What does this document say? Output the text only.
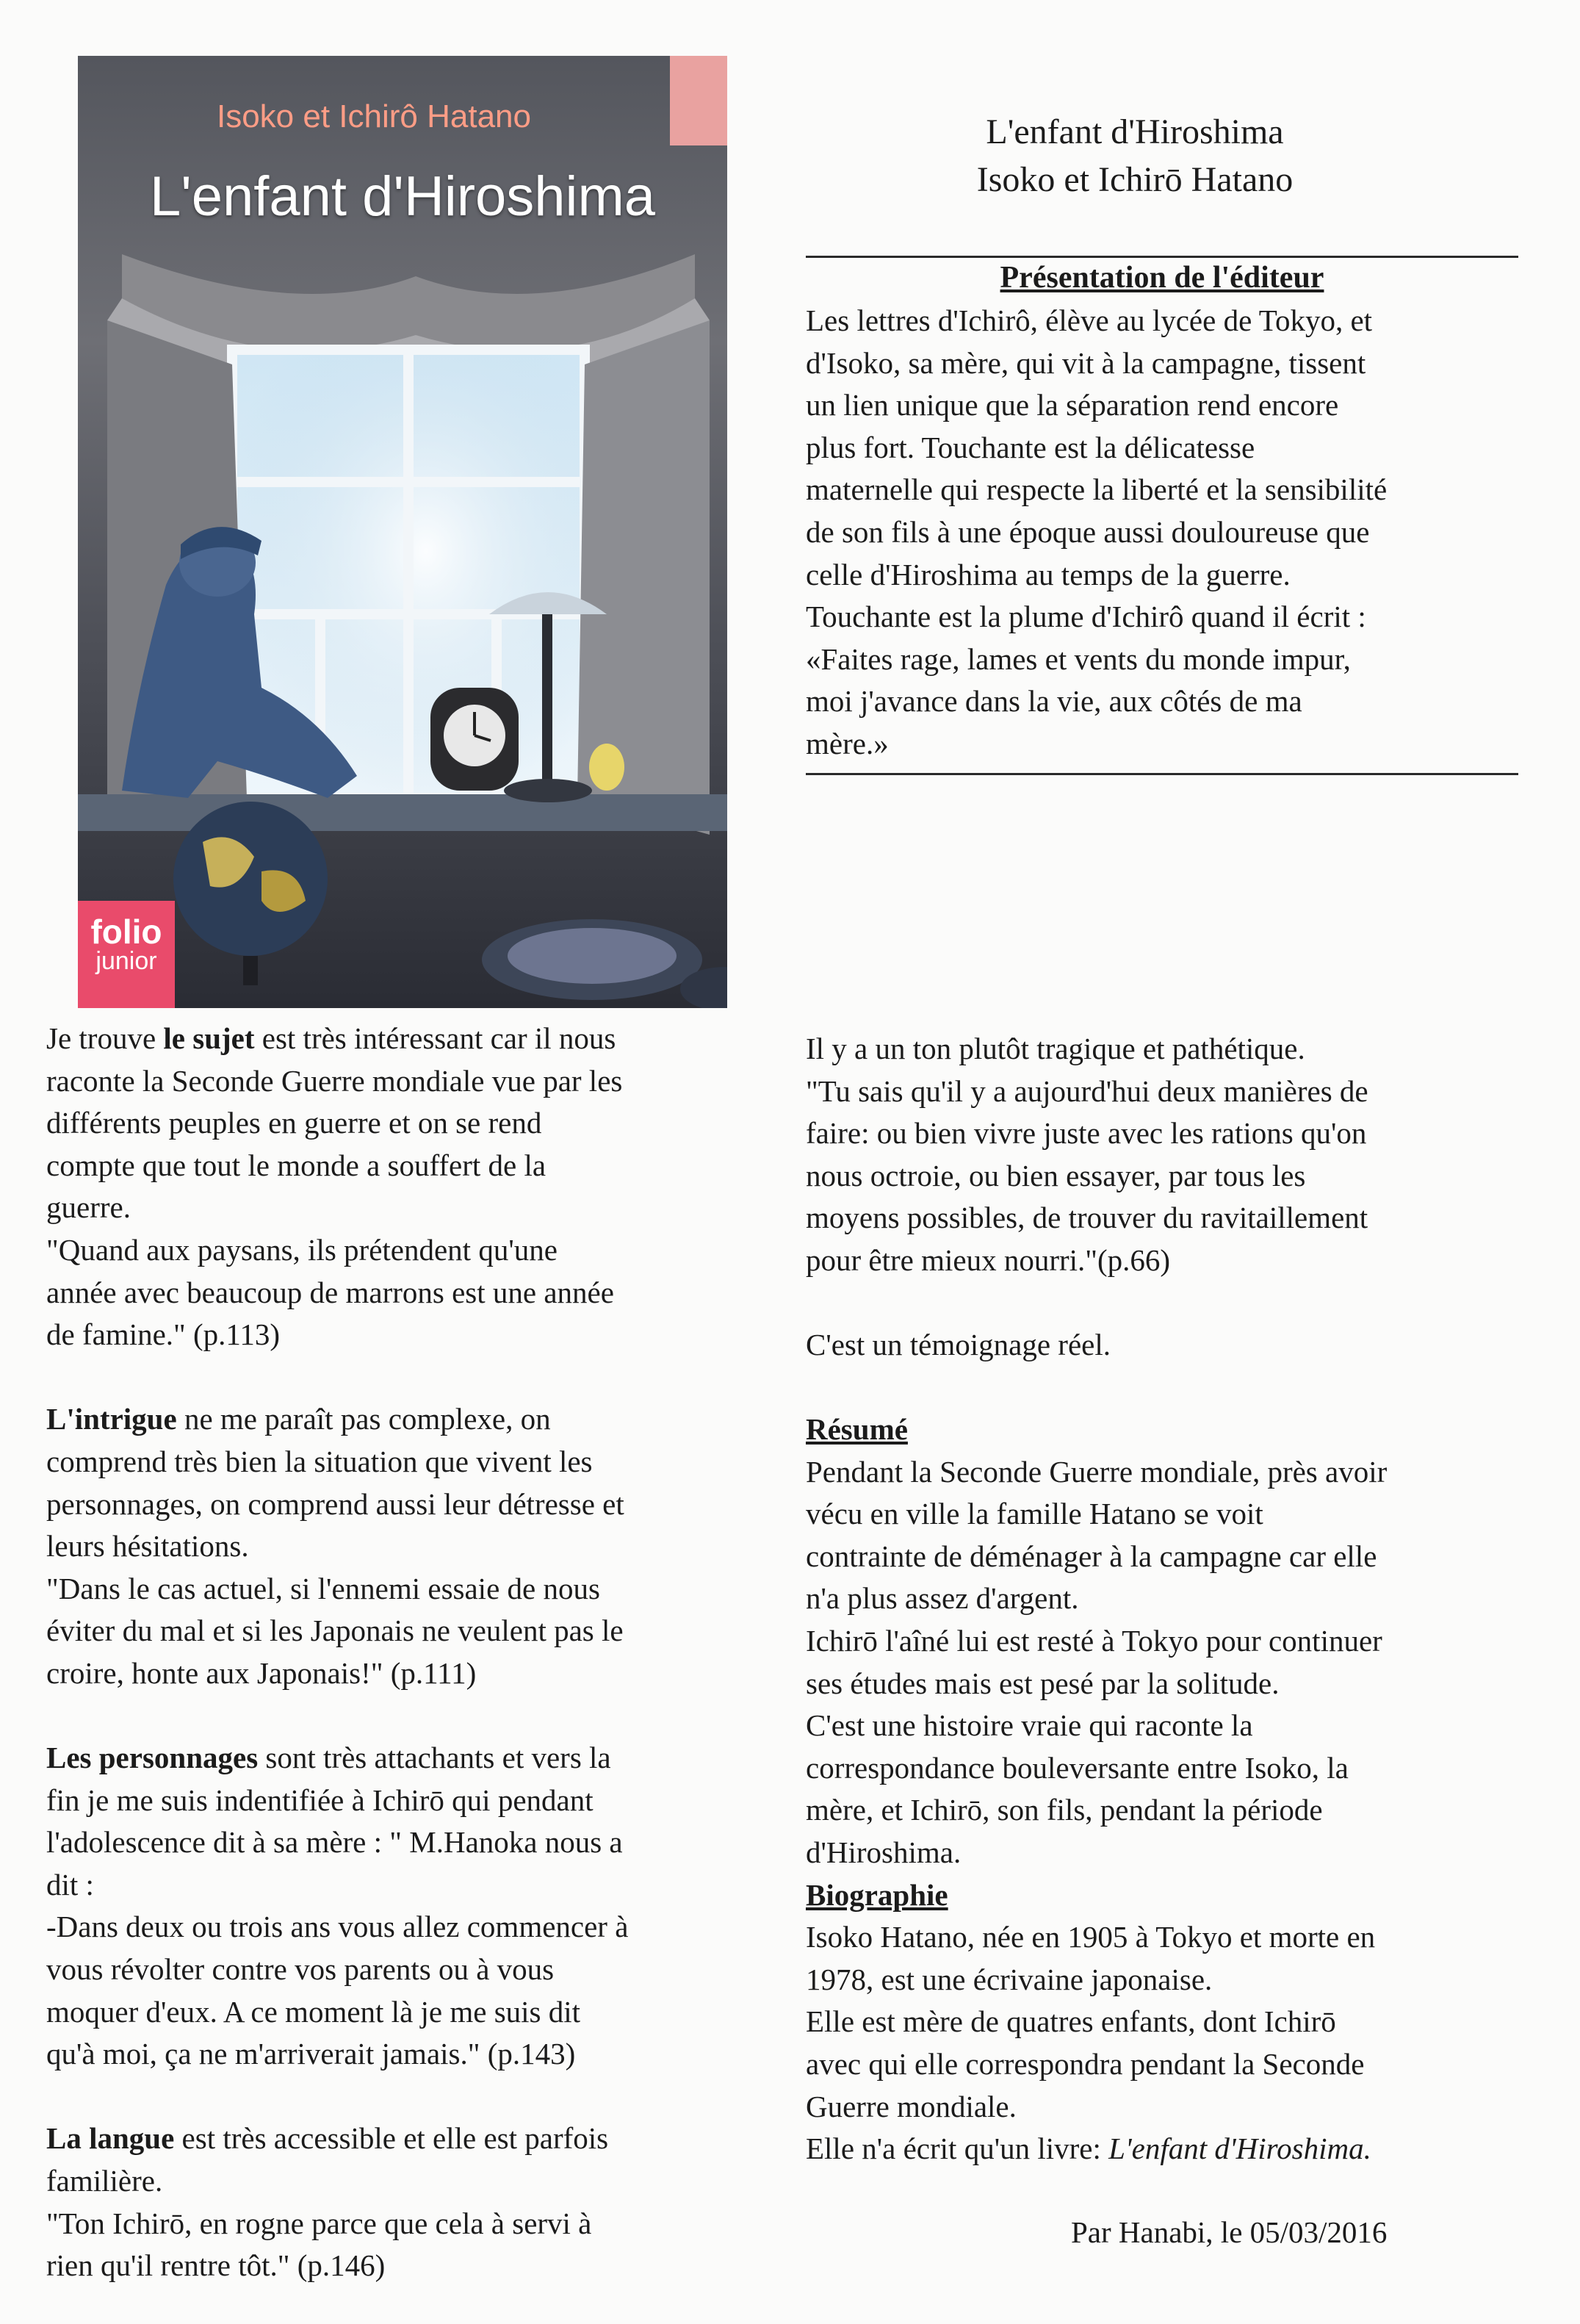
Isoko et Ichirô Hatano
L'enfant d'Hiroshima
folio
junior
L'enfant d'Hiroshima
Isoko et Ichirō Hatano
Présentation de l'éditeur
Les lettres d'Ichirô, élève au lycée de Tokyo, et
d'Isoko, sa mère, qui vit à la campagne, tissent
un lien unique que la séparation rend encore
plus fort. Touchante est la délicatesse
maternelle qui respecte la liberté et la sensibilité
de son fils à une époque aussi douloureuse que
celle d'Hiroshima au temps de la guerre.
Touchante est la plume d'Ichirô quand il écrit :
«Faites rage, lames et vents du monde impur,
moi j'avance dans la vie, aux côtés de ma
mère.»
Je trouve le sujet est très intéressant car il nous
raconte la Seconde Guerre mondiale vue par les
différents peuples en guerre et on se rend
compte que tout le monde a souffert de la
guerre.
"Quand aux paysans, ils prétendent qu'une
année avec beaucoup de marrons est une année
de famine." (p.113)
L'intrigue ne me paraît pas complexe, on
comprend très bien la situation que vivent les
personnages, on comprend aussi leur détresse et
leurs hésitations.
"Dans le cas actuel, si l'ennemi essaie de nous
éviter du mal et si les Japonais ne veulent pas le
croire, honte aux Japonais!" (p.111)
Les personnages sont très attachants et vers la
fin je me suis indentifiée à Ichirō qui pendant
l'adolescence dit à sa mère : " M.Hanoka nous a
dit :
-Dans deux ou trois ans vous allez commencer à
vous révolter contre vos parents ou à vous
moquer d'eux. A ce moment là je me suis dit
qu'à moi, ça ne m'arriverait jamais." (p.143)
La langue est très accessible et elle est parfois
familière.
"Ton Ichirō, en rogne parce que cela à servi à
rien qu'il rentre tôt." (p.146)
Il y a un ton plutôt tragique et pathétique.
"Tu sais qu'il y a aujourd'hui deux manières de
faire: ou bien vivre juste avec les rations qu'on
nous octroie, ou bien essayer, par tous les
moyens possibles, de trouver du ravitaillement
pour être mieux nourri."(p.66)
C'est un témoignage réel.
Résumé
Pendant la Seconde Guerre mondiale, près avoir
vécu en ville la famille Hatano se voit
contrainte de déménager à la campagne car elle
n'a plus assez d'argent.
Ichirō l'aîné lui est resté à Tokyo pour continuer
ses études mais est pesé par la solitude.
C'est une histoire vraie qui raconte la
correspondance bouleversante entre Isoko, la
mère, et Ichirō, son fils, pendant la période
d'Hiroshima.
Biographie
Isoko Hatano, née en 1905 à Tokyo et morte en
1978, est une écrivaine japonaise.
Elle est mère de quatres enfants, dont Ichirō
avec qui elle correspondra pendant la Seconde
Guerre mondiale.
Elle n'a écrit qu'un livre: L'enfant d'Hiroshima.
Par Hanabi, le 05/03/2016
